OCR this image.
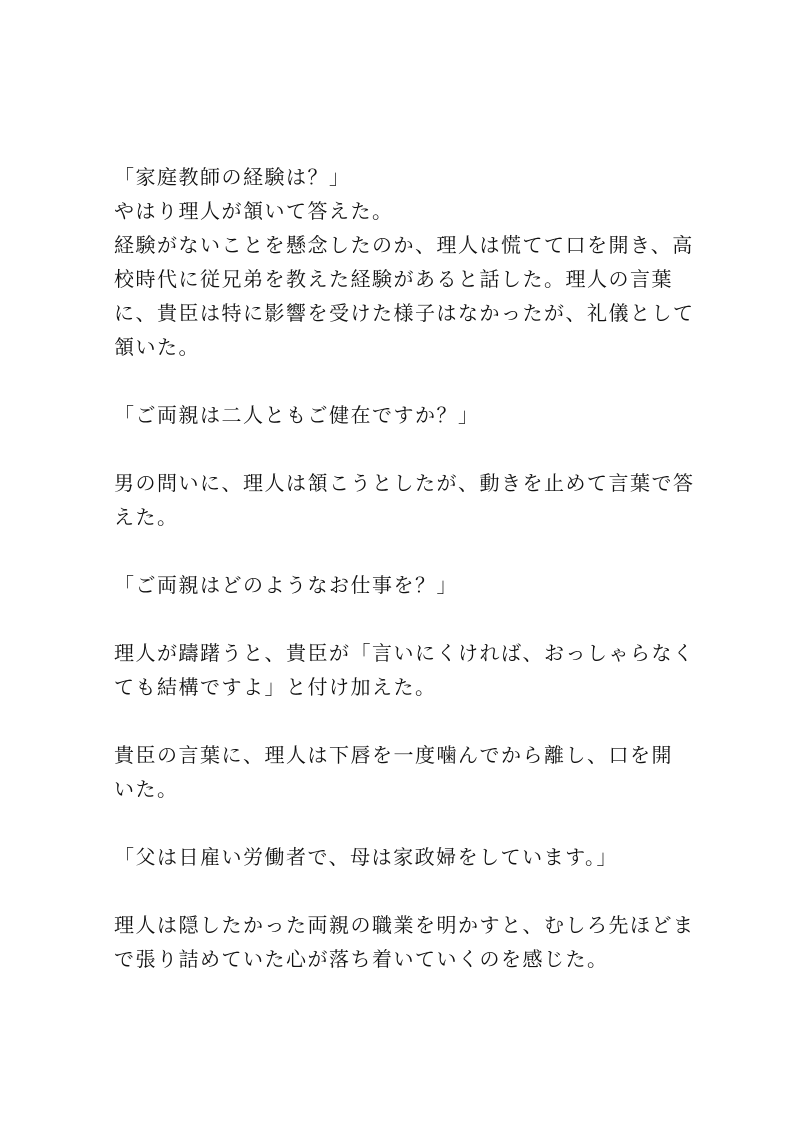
「家庭教師の経験は？」
やはり理人が頷いて答えた。
経験がないことを懸念したのか、理人は慌てて口を開き、高
校時代に従兄弟を教えた経験があると話した。理人の言葉
に、貴臣は特に影響を受けた様子はなかったが、礼儀として
頷いた。
「ご両親は二人ともご健在ですか？」
男の問いに、理人は頷こうとしたが、動きを止めて言葉で答
えた。
「ご両親はどのようなお仕事を？」
理人が躊躇うと、貴臣が「言いにくければ、おっしゃらなく
ても結構ですよ」と付け加えた。
貴臣の言葉に、理人は下唇を一度噛んでから離し、口を開
いた。
「父は日雇い労働者で、母は家政婦をしています。」
理人は隠したかった両親の職業を明かすと、むしろ先ほどま
で張り詰めていた心が落ち着いていくのを感じた。
